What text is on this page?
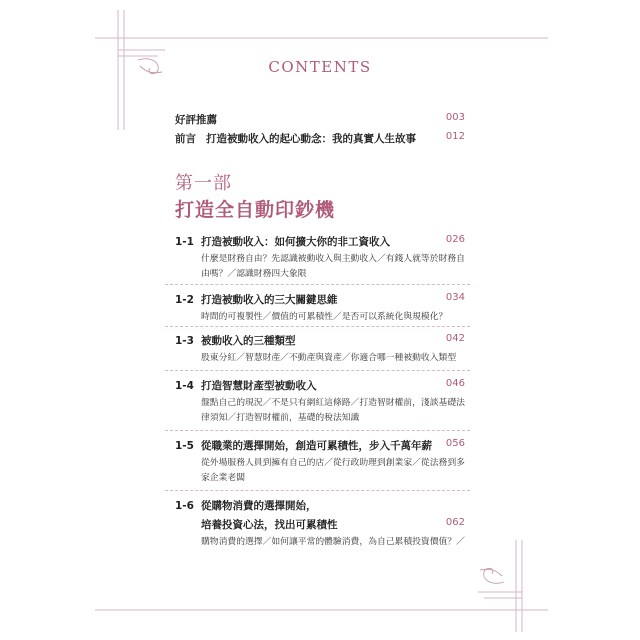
CONTENTS
好評推薦	003
前言 打造被動收入的起心動念：我的真實人生故事	012
第一部
打造全自動印鈔機
1-1 打造被動收入：如何擴大你的非工資收入	026
什麼是財務自由？先認識被動收入與主動收入／有錢人就等於財務自由嗎？／認識財務四大象限
1-2 打造被動收入的三大關鍵思維	034
時間的可複製性／價值的可累積性／是否可以系統化與規模化？
1-3 被動收入的三種類型	042
股東分紅／智慧財產／不動產與資產／你適合哪一種被動收入類型
1-4 打造智慧財產型被動收入	046
盤點自己的現況／不是只有網紅這條路／打造智財權前，淺談基礎法律須知／打造智財權前，基礎的稅法知識
1-5 從職業的選擇開始，創造可累積性，步入千萬年薪 056
從外場服務人員到擁有自己的店／從行政助理到創業家／從法務到多家企業老闆
1-6 從購物消費的選擇開始，
培養投資心法，找出可累積性	062
購物消費的選擇／如何讓平常的體驗消費，為自己累積投資價值？／
